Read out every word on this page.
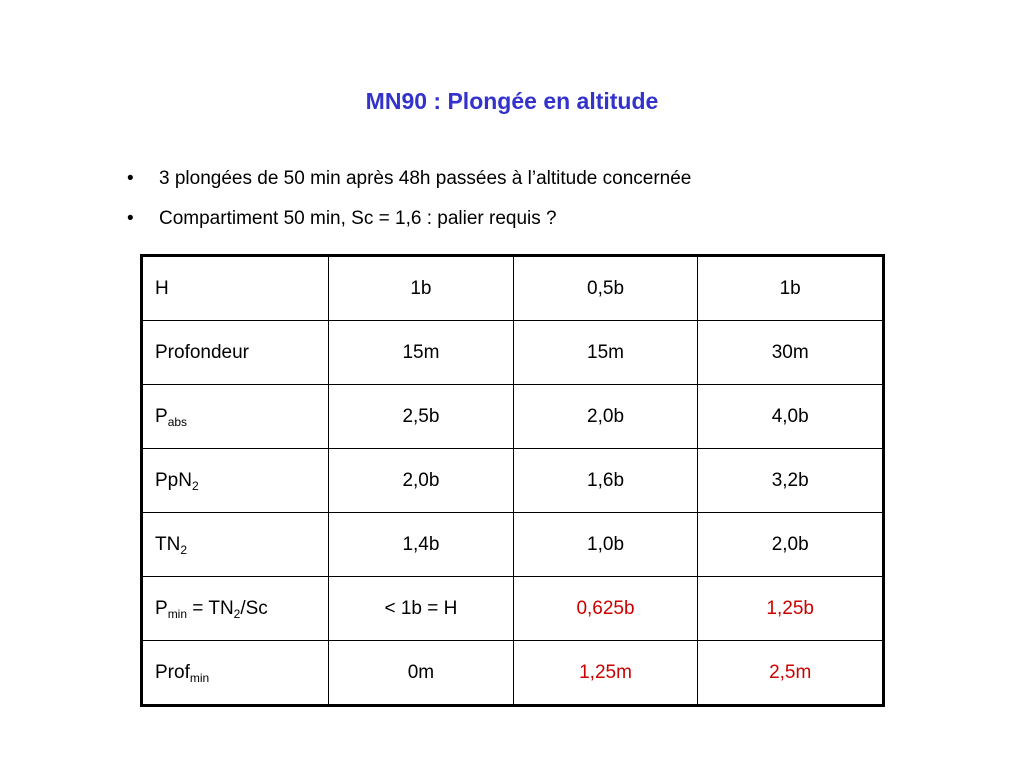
MN90 : Plongée en altitude
• 3 plongées de 50 min après 48h passées à l’altitude concernée
• Compartiment 50 min, Sc = 1,6 : palier requis ?
H	1b	0,5b	1b
Profondeur	15m	15m	30m
$P_{abs}$	2,5b	2,0b	4,0b
PpN$_2$	2,0b	1,6b	3,2b
$TN_2$	1,4b	1,0b	2,0b
$P_{min} = TN_2/Sc$	< 1b = H	0,625b	1,25b
Prof$_{min}$	0m	1,25m	2,5m
